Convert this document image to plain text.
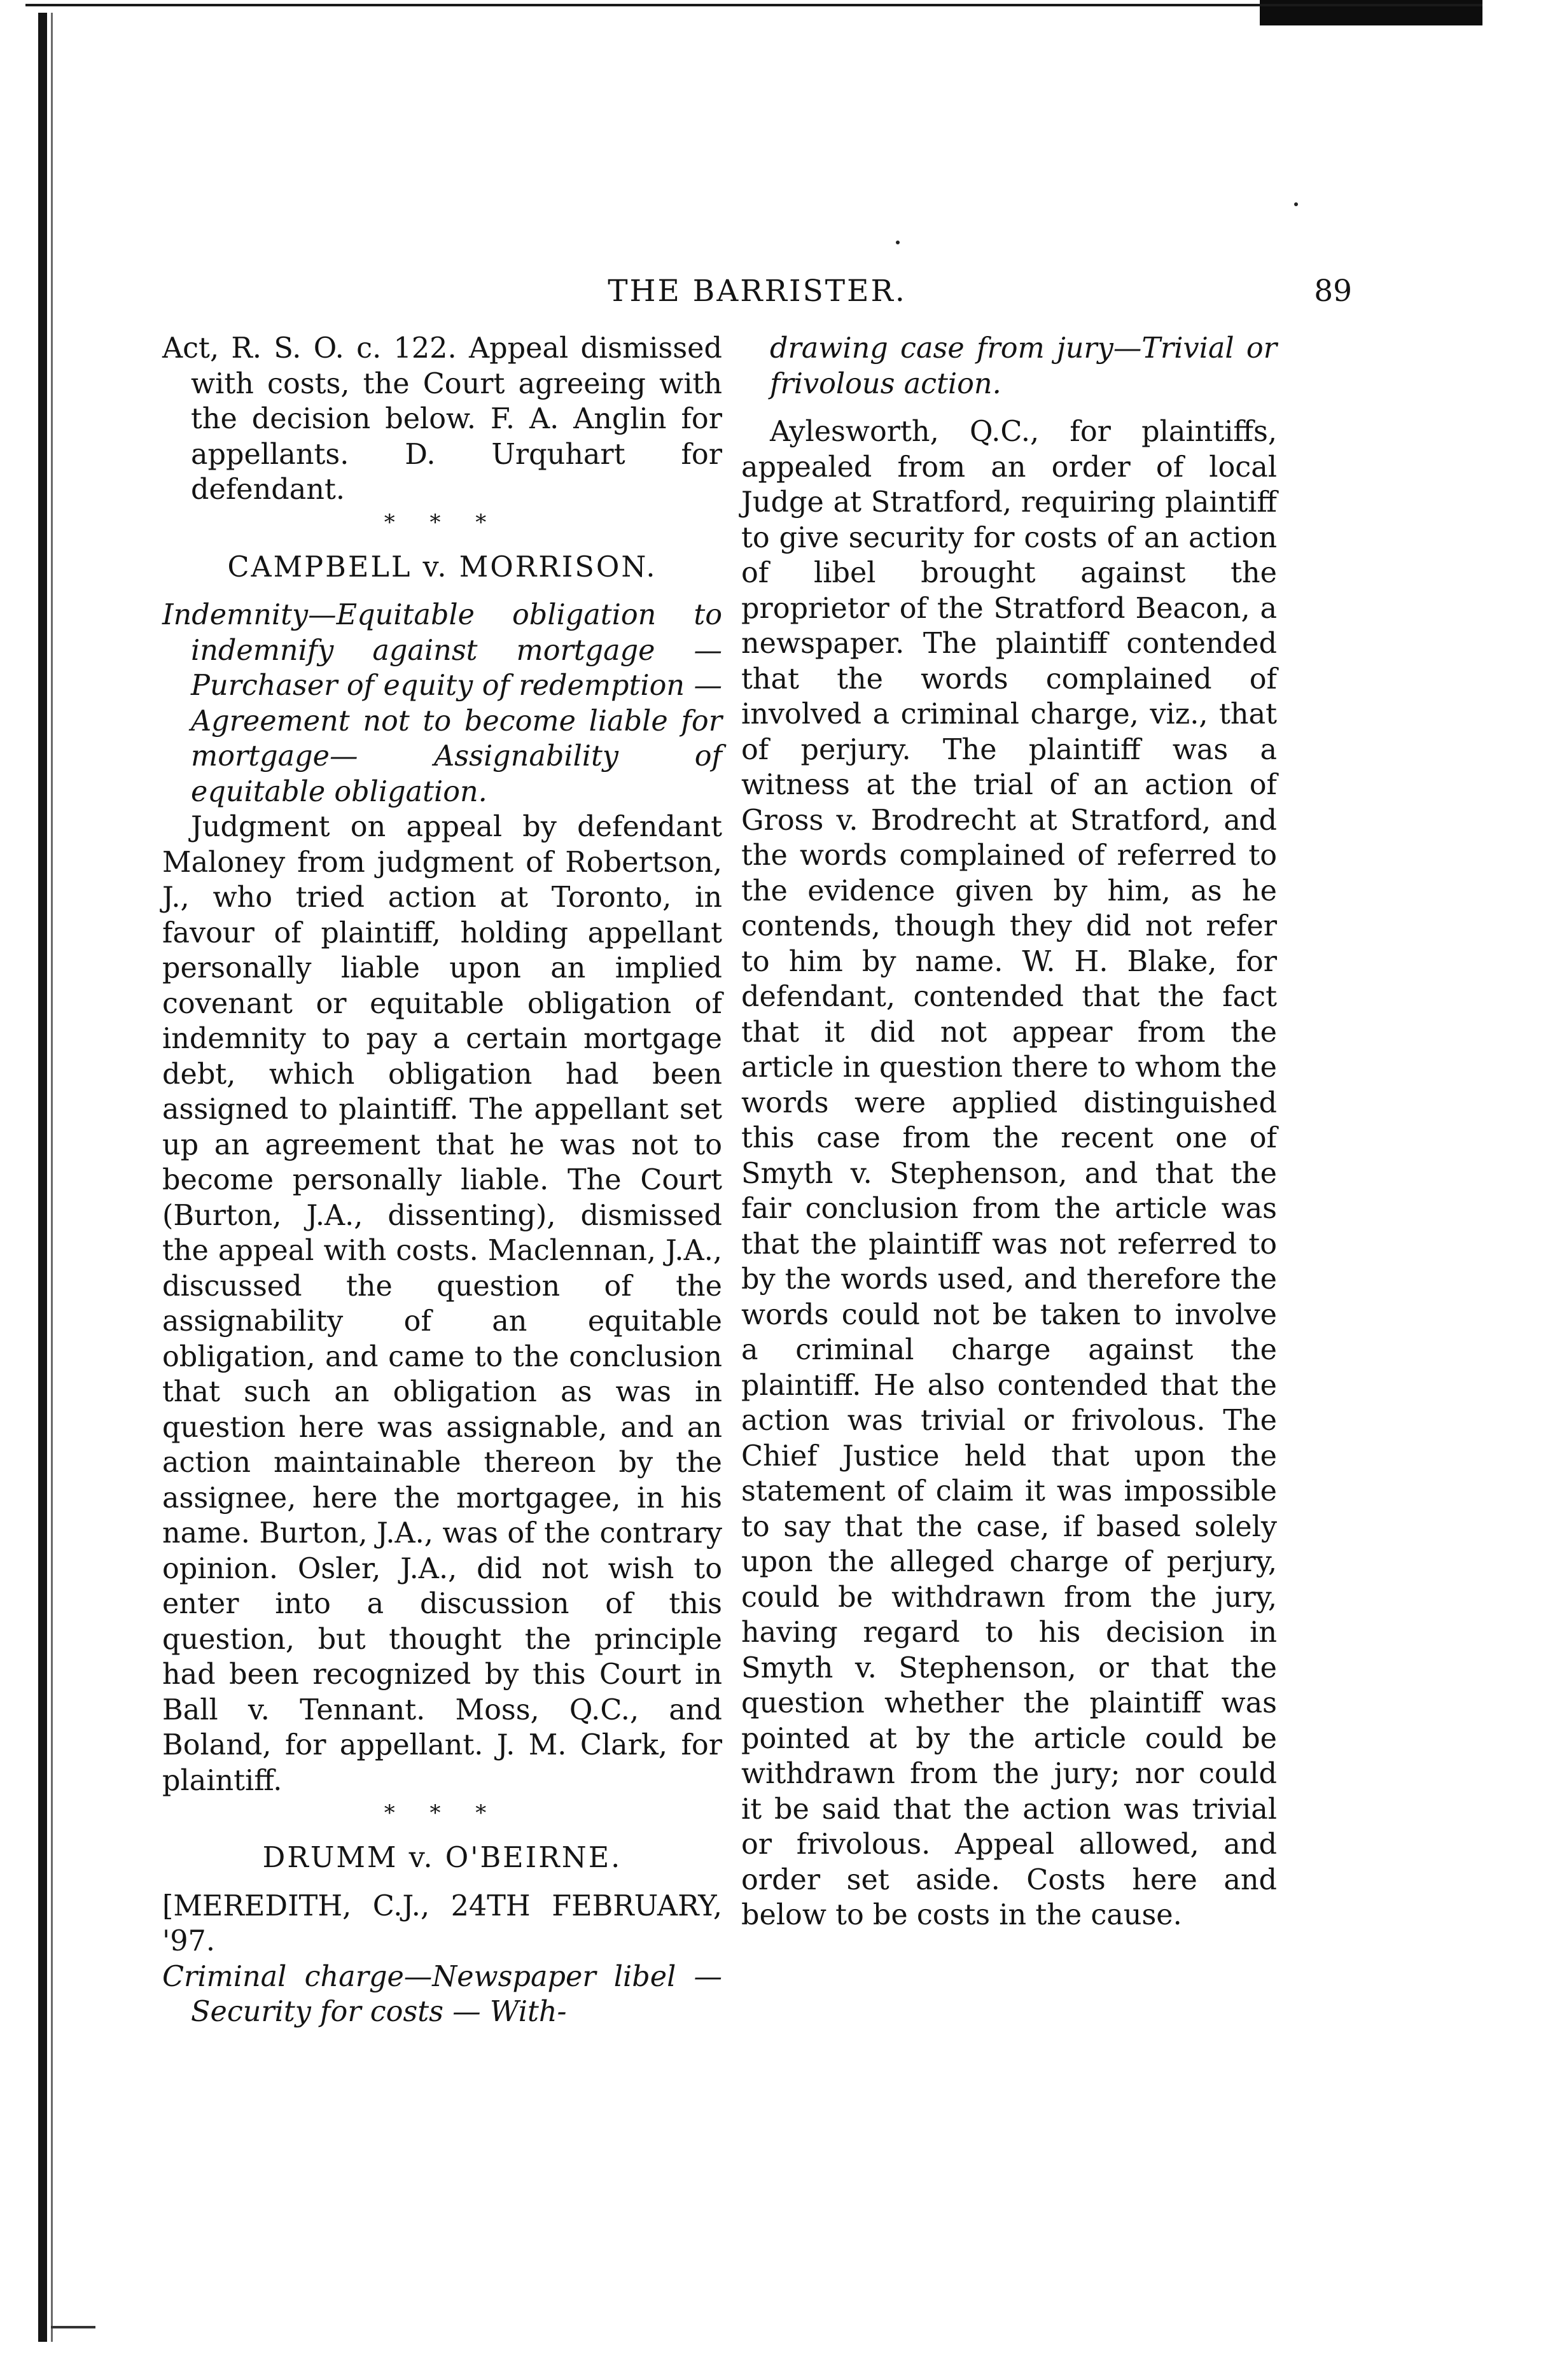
THE BARRISTER.	89

Act, R. S. O. c. 122. Appeal dismissed with costs, the Court agreeing with the decision below. F. A. Anglin for appellants. D. Urquhart for defendant.

* * *

CAMPBELL v. MORRISON.

Indemnity—Equitable obligation to indemnify against mortgage —Purchaser of equity of redemption — Agreement not to become liable for mortgage— Assignability of equitable obligation.

Judgment on appeal by defendant Maloney from judgment of Robertson, J., who tried action at Toronto, in favour of plaintiff, holding appellant personally liable upon an implied covenant or equitable obligation of indemnity to pay a certain mortgage debt, which obligation had been assigned to plaintiff. The appellant set up an agreement that he was not to become personally liable. The Court (Burton, J.A., dissenting), dismissed the appeal with costs. Maclennan, J.A., discussed the question of the assignability of an equitable obligation, and came to the conclusion that such an obligation as was in question here was assignable, and an action maintainable thereon by the assignee, here the mortgagee, in his name. Burton, J.A., was of the contrary opinion. Osler, J.A., did not wish to enter into a discussion of this question, but thought the principle had been recognized by this Court in Ball v. Tennant. Moss, Q.C., and Boland, for appellant. J. M. Clark, for plaintiff.

* * *

DRUMM v. O'BEIRNE.

[MEREDITH, C.J., 24TH FEBRUARY, '97.

Criminal charge—Newspaper libel —Security for costs — With-

drawing case from jury—Trivial or frivolous action.

Aylesworth, Q.C., for plaintiffs, appealed from an order of local Judge at Stratford, requiring plaintiff to give security for costs of an action of libel brought against the proprietor of the Stratford Beacon, a newspaper. The plaintiff contended that the words complained of involved a criminal charge, viz., that of perjury. The plaintiff was a witness at the trial of an action of Gross v. Brodrecht at Stratford, and the words complained of referred to the evidence given by him, as he contends, though they did not refer to him by name. W. H. Blake, for defendant, contended that the fact that it did not appear from the article in question there to whom the words were applied distinguished this case from the recent one of Smyth v. Stephenson, and that the fair conclusion from the article was that the plaintiff was not referred to by the words used, and therefore the words could not be taken to involve a criminal charge against the plaintiff. He also contended that the action was trivial or frivolous. The Chief Justice held that upon the statement of claim it was impossible to say that the case, if based solely upon the alleged charge of perjury, could be withdrawn from the jury, having regard to his decision in Smyth v. Stephenson, or that the question whether the plaintiff was pointed at by the article could be withdrawn from the jury; nor could it be said that the action was trivial or frivolous. Appeal allowed, and order set aside. Costs here and below to be costs in the cause.
